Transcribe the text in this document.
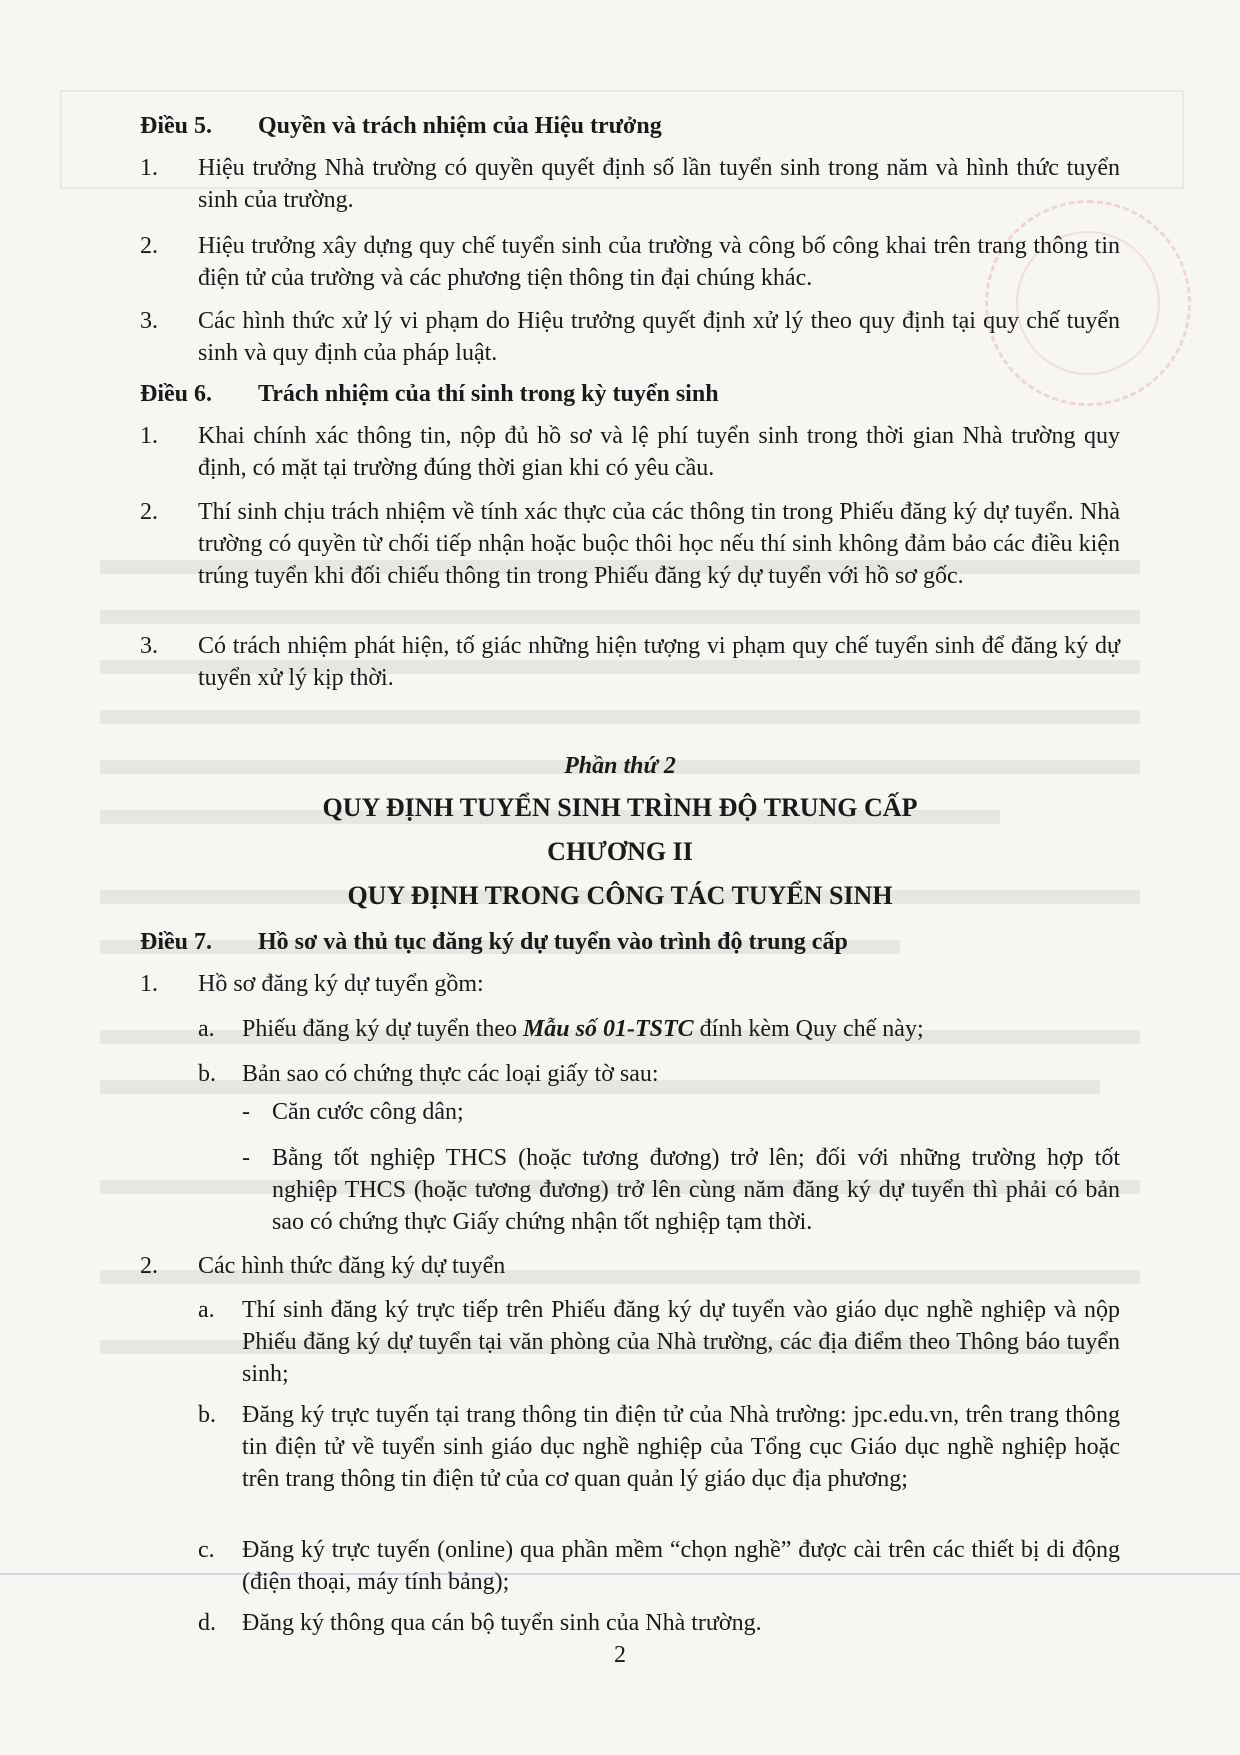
Điều 5. Quyền và trách nhiệm của Hiệu trưởng
1. Hiệu trưởng Nhà trường có quyền quyết định số lần tuyển sinh trong năm và hình thức tuyển sinh của trường.
2. Hiệu trưởng xây dựng quy chế tuyển sinh của trường và công bố công khai trên trang thông tin điện tử của trường và các phương tiện thông tin đại chúng khác.
3. Các hình thức xử lý vi phạm do Hiệu trưởng quyết định xử lý theo quy định tại quy chế tuyển sinh và quy định của pháp luật.
Điều 6. Trách nhiệm của thí sinh trong kỳ tuyển sinh
1. Khai chính xác thông tin, nộp đủ hồ sơ và lệ phí tuyển sinh trong thời gian Nhà trường quy định, có mặt tại trường đúng thời gian khi có yêu cầu.
2. Thí sinh chịu trách nhiệm về tính xác thực của các thông tin trong Phiếu đăng ký dự tuyển. Nhà trường có quyền từ chối tiếp nhận hoặc buộc thôi học nếu thí sinh không đảm bảo các điều kiện trúng tuyển khi đối chiếu thông tin trong Phiếu đăng ký dự tuyển với hồ sơ gốc.
3. Có trách nhiệm phát hiện, tố giác những hiện tượng vi phạm quy chế tuyển sinh để đăng ký dự tuyển xử lý kịp thời.
Phần thứ 2
QUY ĐỊNH TUYỂN SINH TRÌNH ĐỘ TRUNG CẤP
CHƯƠNG II
QUY ĐỊNH TRONG CÔNG TÁC TUYỂN SINH
Điều 7. Hồ sơ và thủ tục đăng ký dự tuyển vào trình độ trung cấp
1. Hồ sơ đăng ký dự tuyển gồm:
a. Phiếu đăng ký dự tuyển theo Mẫu số 01-TSTC đính kèm Quy chế này;
b. Bản sao có chứng thực các loại giấy tờ sau:
- Căn cước công dân;
- Bằng tốt nghiệp THCS (hoặc tương đương) trở lên; đối với những trường hợp tốt nghiệp THCS (hoặc tương đương) trở lên cùng năm đăng ký dự tuyển thì phải có bản sao có chứng thực Giấy chứng nhận tốt nghiệp tạm thời.
2. Các hình thức đăng ký dự tuyển
a. Thí sinh đăng ký trực tiếp trên Phiếu đăng ký dự tuyển vào giáo dục nghề nghiệp và nộp Phiếu đăng ký dự tuyển tại văn phòng của Nhà trường, các địa điểm theo Thông báo tuyển sinh;
b. Đăng ký trực tuyến tại trang thông tin điện tử của Nhà trường: jpc.edu.vn, trên trang thông tin điện tử về tuyển sinh giáo dục nghề nghiệp của Tổng cục Giáo dục nghề nghiệp hoặc trên trang thông tin điện tử của cơ quan quản lý giáo dục địa phương;
c. Đăng ký trực tuyến (online) qua phần mềm “chọn nghề” được cài trên các thiết bị di động (điện thoại, máy tính bảng);
d. Đăng ký thông qua cán bộ tuyển sinh của Nhà trường.
2
